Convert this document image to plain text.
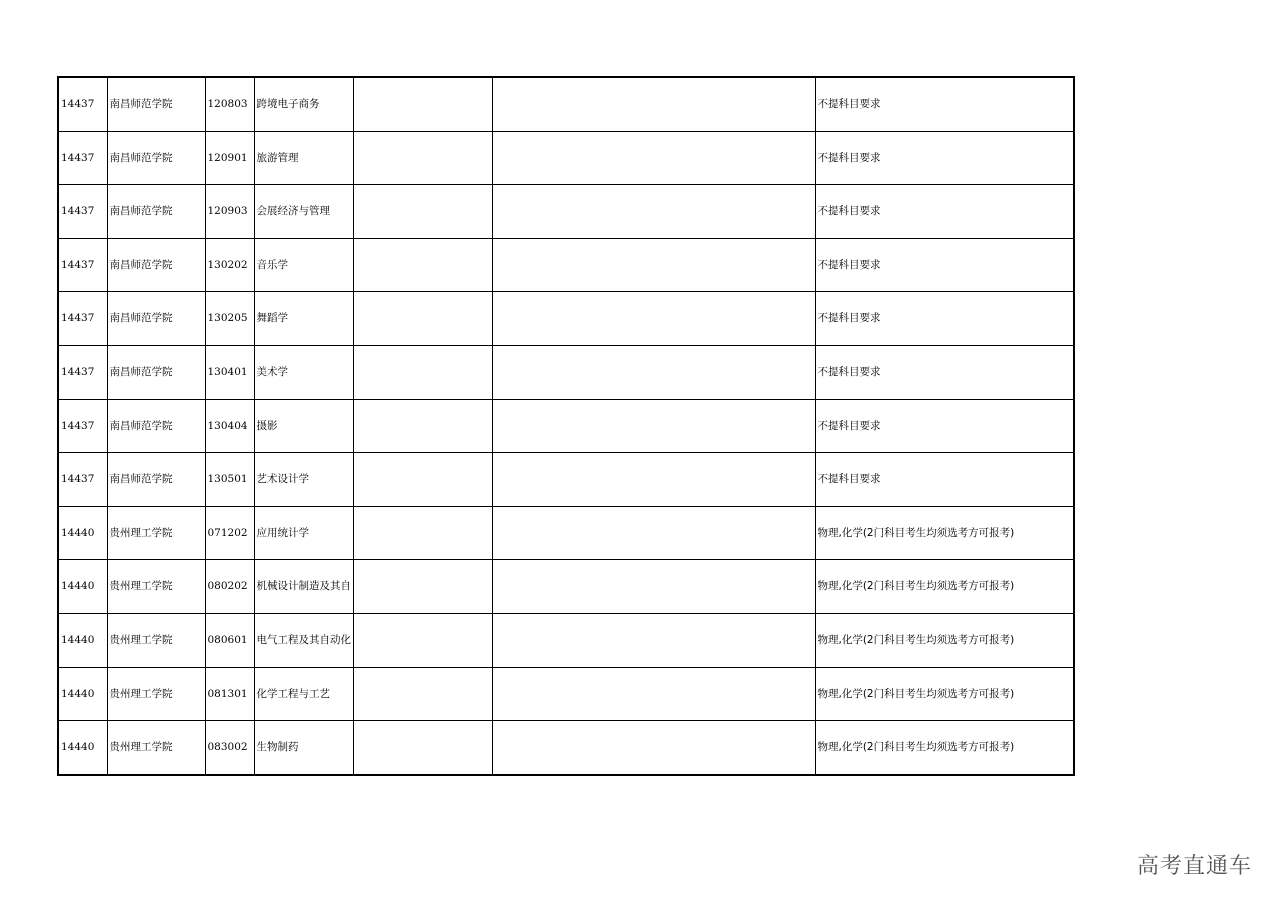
14437	南昌师范学院	120803	跨境电子商务			不提科目要求
14437	南昌师范学院	120901	旅游管理			不提科目要求
14437	南昌师范学院	120903	会展经济与管理			不提科目要求
14437	南昌师范学院	130202	音乐学			不提科目要求
14437	南昌师范学院	130205	舞蹈学			不提科目要求
14437	南昌师范学院	130401	美术学			不提科目要求
14437	南昌师范学院	130404	摄影			不提科目要求
14437	南昌师范学院	130501	艺术设计学			不提科目要求
14440	贵州理工学院	071202	应用统计学			物理,化学(2门科目考生均须选考方可报考)
14440	贵州理工学院	080202	机械设计制造及其自			物理,化学(2门科目考生均须选考方可报考)
14440	贵州理工学院	080601	电气工程及其自动化			物理,化学(2门科目考生均须选考方可报考)
14440	贵州理工学院	081301	化学工程与工艺			物理,化学(2门科目考生均须选考方可报考)
14440	贵州理工学院	083002	生物制药			物理,化学(2门科目考生均须选考方可报考)
高考直通车
